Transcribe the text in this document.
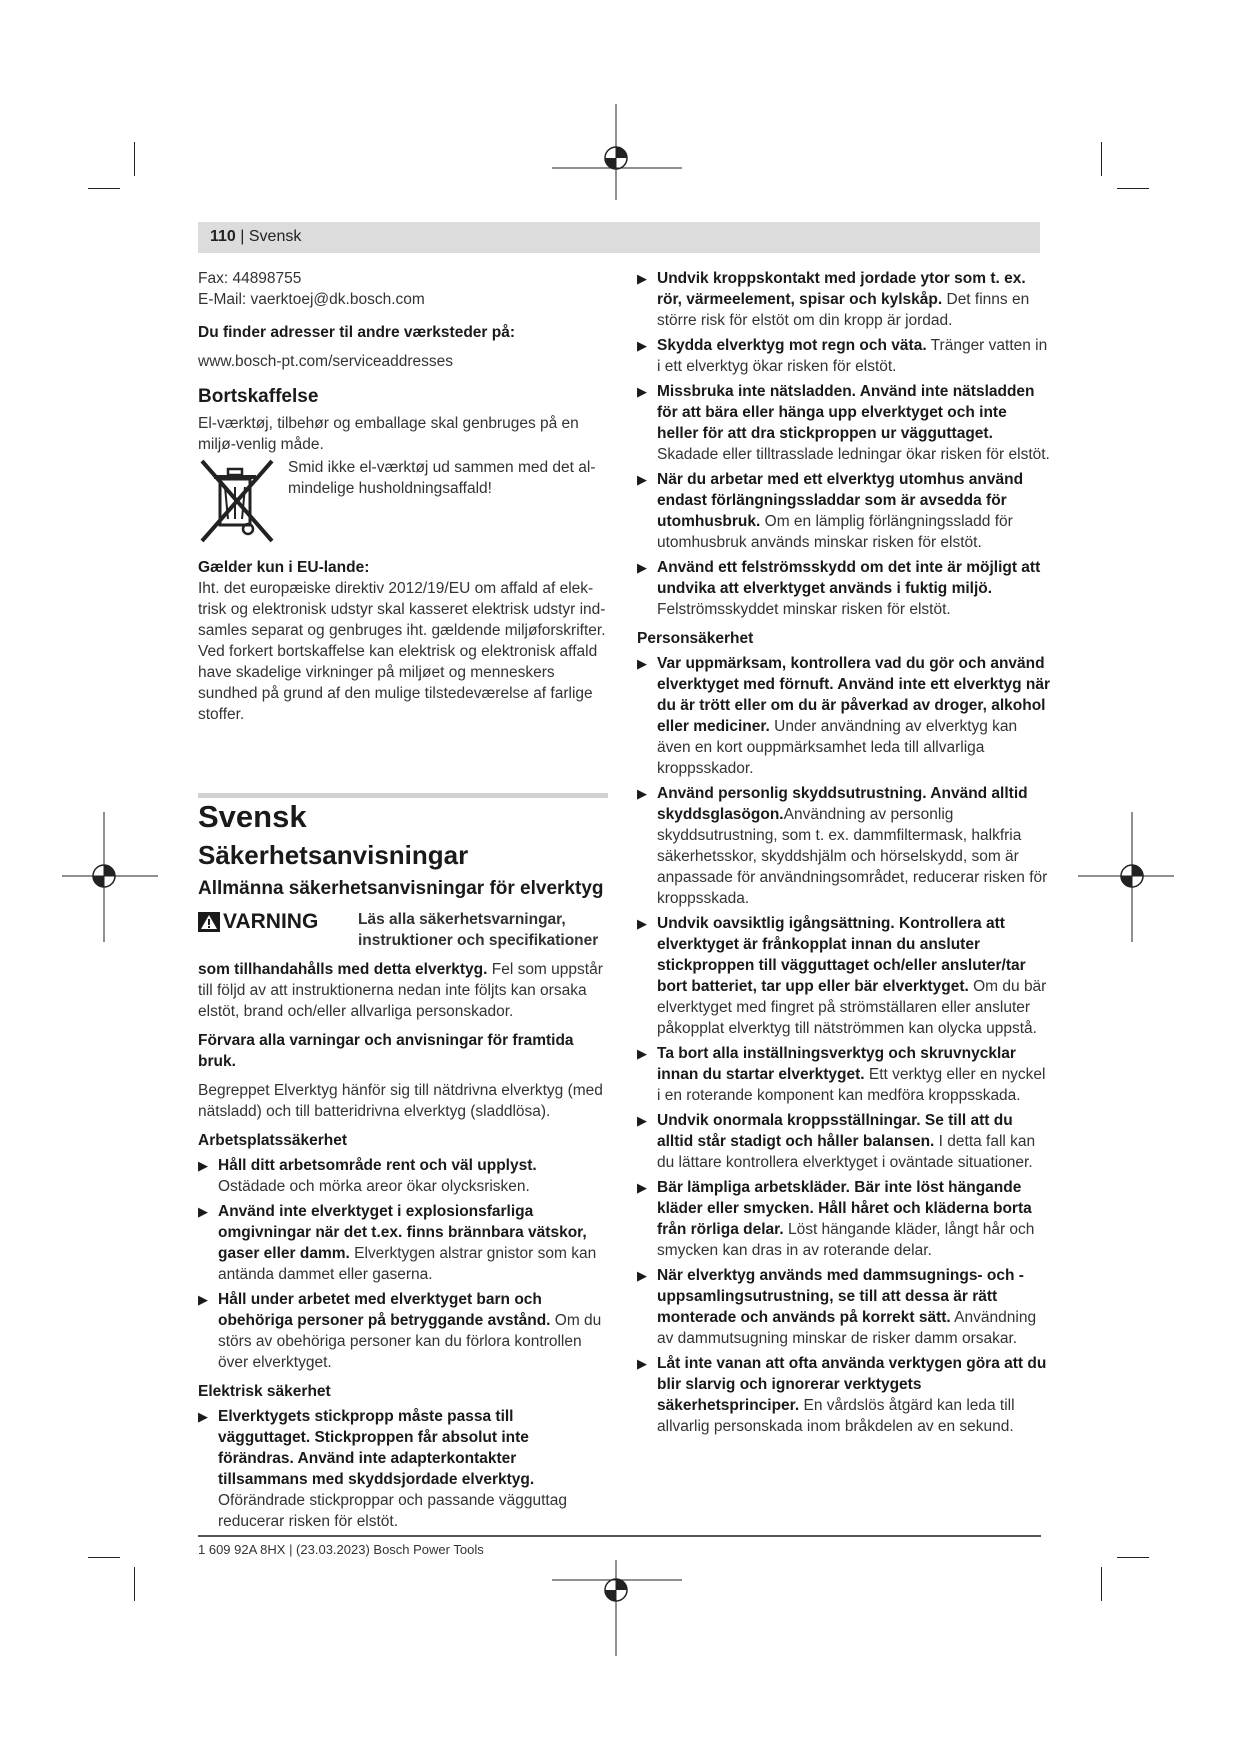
110 | Svensk

Fax: 44898755

E-Mail: vaerktoej@dk.bosch.com

Du finder adresser til andre værksteder på:

www.bosch-pt.com/serviceaddresses

Bortskaffelse

El-værktøj, tilbehør og emballage skal genbruges på en miljø-venlig måde.

Smid ikke el-værktøj ud sammen med det al-mindelige husholdningsaffald!

Gælder kun i EU-lande:

Iht. det europæiske direktiv 2012/19/EU om affald af elek-trisk og elektronisk udstyr skal kasseret elektrisk udstyr ind-samles separat og genbruges iht. gældende miljøforskrifter. Ved forkert bortskaffelse kan elektrisk og elektronisk affald have skadelige virkninger på miljøet og menneskers sundhed på grund af den mulige tilstedeværelse af farlige stoffer.

Svensk
Säkerhetsanvisningar
Allmänna säkerhetsanvisningar för elverktyg
VARNING	Läs alla säkerhetsvarningar, instruktioner och specifikationer

som tillhandahålls med detta elverktyg. Fel som uppstår till följd av att instruktionerna nedan inte följts kan orsaka elstöt, brand och/eller allvarliga personskador.

Förvara alla varningar och anvisningar för framtida bruk.

Begreppet Elverktyg hänför sig till nätdrivna elverktyg (med nätsladd) och till batteridrivna elverktyg (sladdlösa).

Arbetsplatssäkerhet
▶ Håll ditt arbetsområde rent och väl upplyst. Ostädade och mörka areor ökar olycksrisken.
▶ Använd inte elverktyget i explosionsfarliga omgivningar när det t.ex. finns brännbara vätskor, gaser eller damm. Elverktygen alstrar gnistor som kan antända dammet eller gaserna.
▶ Håll under arbetet med elverktyget barn och obehöriga personer på betryggande avstånd. Om du störs av obehöriga personer kan du förlora kontrollen över elverktyget.
Elektrisk säkerhet
▶ Elverktygets stickpropp måste passa till vägguttaget. Stickproppen får absolut inte förändras. Använd inte adapterkontakter tillsammans med skyddsjordade elverktyg. Oförändrade stickproppar och passande vägguttag reducerar risken för elstöt.
▶ Undvik kroppskontakt med jordade ytor som t. ex. rör, värmeelement, spisar och kylskåp. Det finns en större risk för elstöt om din kropp är jordad.
▶ Skydda elverktyg mot regn och väta. Tränger vatten in i ett elverktyg ökar risken för elstöt.
▶ Missbruka inte nätsladden. Använd inte nätsladden för att bära eller hänga upp elverktyget och inte heller för att dra stickproppen ur vägguttaget. Skadade eller tilltrasslade ledningar ökar risken för elstöt.
▶ När du arbetar med ett elverktyg utomhus använd endast förlängningssladdar som är avsedda för utomhusbruk. Om en lämplig förlängningssladd för utomhusbruk används minskar risken för elstöt.
▶ Använd ett felströmsskydd om det inte är möjligt att undvika att elverktyget används i fuktig miljö. Felströmsskyddet minskar risken för elstöt.
Personsäkerhet
▶ Var uppmärksam, kontrollera vad du gör och använd elverktyget med förnuft. Använd inte ett elverktyg när du är trött eller om du är påverkad av droger, alkohol eller mediciner. Under användning av elverktyg kan även en kort ouppmärksamhet leda till allvarliga kroppsskador.
▶ Använd personlig skyddsutrustning. Använd alltid skyddsglasögon.Användning av personlig skyddsutrustning, som t. ex. dammfiltermask, halkfria säkerhetsskor, skyddshjälm och hörselskydd, som är anpassade för användningsområdet, reducerar risken för kroppsskada.
▶ Undvik oavsiktlig igångsättning. Kontrollera att elverktyget är frånkopplat innan du ansluter stickproppen till vägguttaget och/eller ansluter/tar bort batteriet, tar upp eller bär elverktyget. Om du bär elverktyget med fingret på strömställaren eller ansluter påkopplat elverktyg till nätströmmen kan olycka uppstå.
▶ Ta bort alla inställningsverktyg och skruvnycklar innan du startar elverktyget. Ett verktyg eller en nyckel i en roterande komponent kan medföra kroppsskada.
▶ Undvik onormala kroppsställningar. Se till att du alltid står stadigt och håller balansen. I detta fall kan du lättare kontrollera elverktyget i oväntade situationer.
▶ Bär lämpliga arbetskläder. Bär inte löst hängande kläder eller smycken. Håll håret och kläderna borta från rörliga delar. Löst hängande kläder, långt hår och smycken kan dras in av roterande delar.
▶ När elverktyg används med dammsugnings- och -uppsamlingsutrustning, se till att dessa är rätt monterade och används på korrekt sätt. Användning av dammutsugning minskar de risker damm orsakar.
▶ Låt inte vanan att ofta använda verktygen göra att du blir slarvig och ignorerar verktygets säkerhetsprinciper. En vårdslös åtgärd kan leda till allvarlig personskada inom bråkdelen av en sekund.
1 609 92A 8HX | (23.03.2023) Bosch Power Tools
